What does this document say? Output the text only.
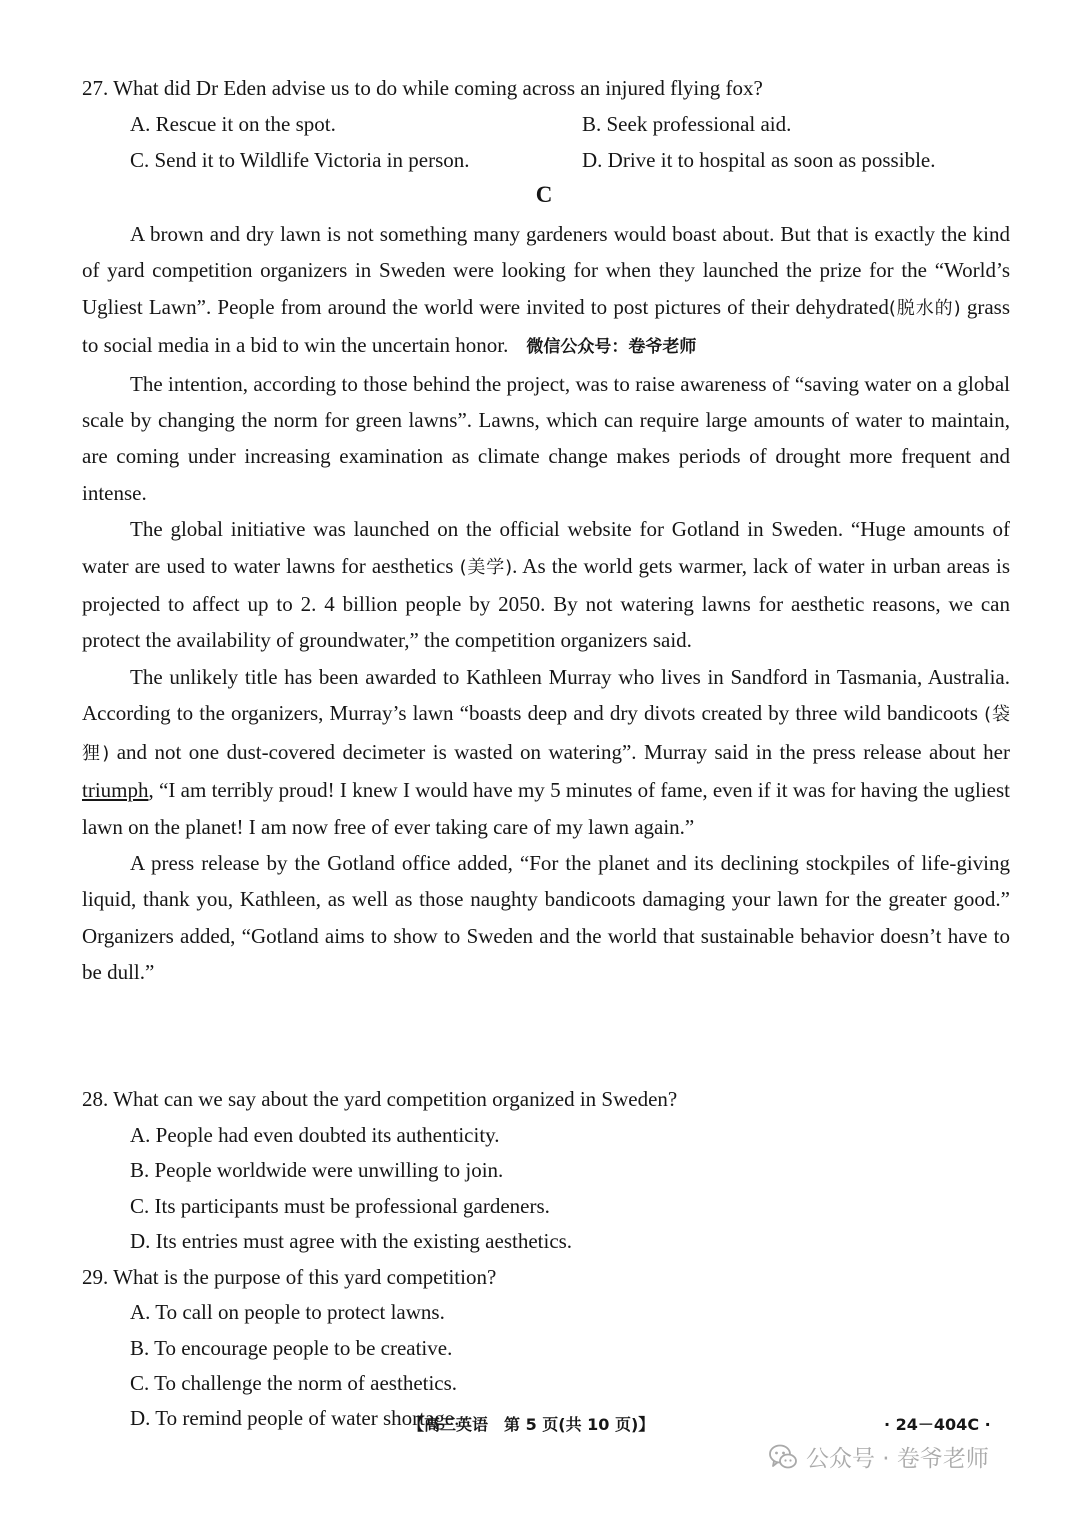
27. What did Dr Eden advise us to do while coming across an injured flying fox?
A. Rescue it on the spot.	B. Seek professional aid.
C. Send it to Wildlife Victoria in person.	D. Drive it to hospital as soon as possible.
C

A brown and dry lawn is not something many gardeners would boast about. But that is exactly the kind of yard competition organizers in Sweden were looking for when they launched the prize for the “World’s Ugliest Lawn”. People from around the world were invited to post pictures of their dehydrated(脱水的) grass to social media in a bid to win the uncertain honor. 微信公众号：卷爷老师

The intention, according to those behind the project, was to raise awareness of “saving water on a global scale by changing the norm for green lawns”. Lawns, which can require large amounts of water to maintain, are coming under increasing examination as climate change makes periods of drought more frequent and intense.

The global initiative was launched on the official website for Gotland in Sweden. “Huge amounts of water are used to water lawns for aesthetics (美学). As the world gets warmer, lack of water in urban areas is projected to affect up to 2. 4 billion people by 2050. By not watering lawns for aesthetic reasons, we can protect the availability of groundwater,” the competition organizers said.

The unlikely title has been awarded to Kathleen Murray who lives in Sandford in Tasmania, Australia. According to the organizers, Murray’s lawn “boasts deep and dry divots created by three wild bandicoots (袋狸) and not one dust-covered decimeter is wasted on watering”. Murray said in the press release about her triumph, “I am terribly proud! I knew I would have my 5 minutes of fame, even if it was for having the ugliest lawn on the planet! I am now free of ever taking care of my lawn again.”

A press release by the Gotland office added, “For the planet and its declining stockpiles of life-giving liquid, thank you, Kathleen, as well as those naughty bandicoots damaging your lawn for the greater good.” Organizers added, “Gotland aims to show to Sweden and the world that sustainable behavior doesn’t have to be dull.”

28. What can we say about the yard competition organized in Sweden?
A. People had even doubted its authenticity.
B. People worldwide were unwilling to join.
C. Its participants must be professional gardeners.
D. Its entries must agree with the existing aesthetics.
29. What is the purpose of this yard competition?
A. To call on people to protect lawns.
B. To encourage people to be creative.
C. To challenge the norm of aesthetics.
D. To remind people of water shortage.
【高三英语　第 5 页(共 10 页)】	· 24－404C ·
公众号 · 卷爷老师
